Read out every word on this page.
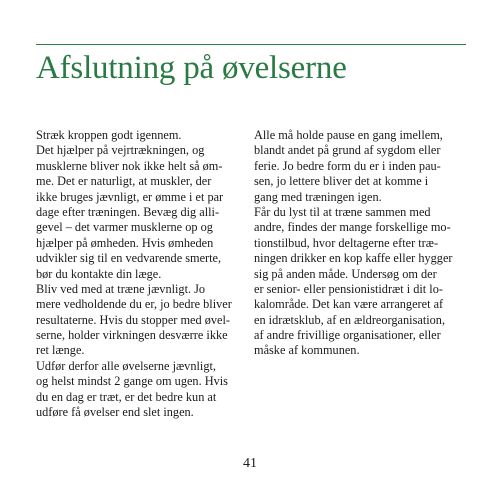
Afslutning på øvelserne
Stræk kroppen godt igennem.
Det hjælper på vejrtrækningen, og
musklerne bliver nok ikke helt så øm-
me. Det er naturligt, at muskler, der
ikke bruges jævnligt, er ømme i et par
dage efter træningen. Bevæg dig alli-
gevel – det varmer musklerne op og
hjælper på ømheden. Hvis ømheden
udvikler sig til en vedvarende smerte,
bør du kontakte din læge.
Bliv ved med at træne jævnligt. Jo
mere vedholdende du er, jo bedre bliver
resultaterne. Hvis du stopper med øvel-
serne, holder virkningen desværre ikke
ret længe.
Udfør derfor alle øvelserne jævnligt,
og helst mindst 2 gange om ugen. Hvis
du en dag er træt, er det bedre kun at
udføre få øvelser end slet ingen.
Alle må holde pause en gang imellem,
blandt andet på grund af sygdom eller
ferie. Jo bedre form du er i inden pau-
sen, jo lettere bliver det at komme i
gang med træningen igen.
Får du lyst til at træne sammen med
andre, findes der mange forskellige mo-
tionstilbud, hvor deltagerne efter træ-
ningen drikker en kop kaffe eller hygger
sig på anden måde. Undersøg om der
er senior- eller pensionistidræt i dit lo-
kalområde. Det kan være arrangeret af
en idrætsklub, af en ældreorganisation,
af andre frivillige organisationer, eller
måske af kommunen.
41
